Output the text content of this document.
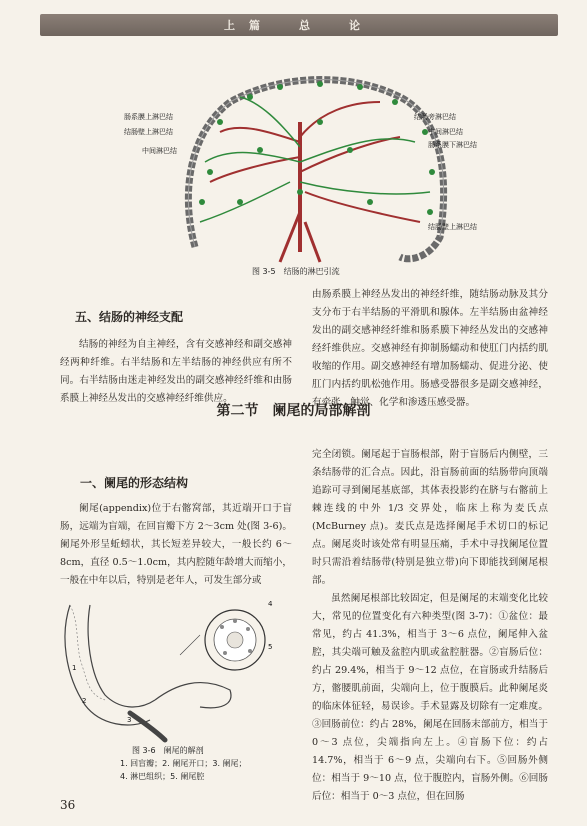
上篇　总　论
肠系膜上淋巴结
结肠壁上淋巴结
中间淋巴结
结肠旁淋巴结
中间淋巴结
肠系膜下淋巴结
结肠壁上淋巴结
图 3-5　结肠的淋巴引流
五、结肠的神经支配

结肠的神经为自主神经，含有交感神经和副交感神经两种纤维。右半结肠和左半结肠的神经供应有所不同。右半结肠由迷走神经发出的副交感神经纤维和由肠系膜上神经丛发出的交感神经纤维供应。

由肠系膜上神经丛发出的神经纤维，随结肠动脉及其分支分布于右半结肠的平滑肌和腺体。左半结肠由盆神经发出的副交感神经纤维和肠系膜下神经丛发出的交感神经纤维供应。交感神经有抑制肠蠕动和使肛门内括约肌收缩的作用。副交感神经有增加肠蠕动、促进分泌、使肛门内括约肌松弛作用。肠感受器很多是副交感神经，有牵张、触觉、化学和渗透压感受器。

第二节　阑尾的局部解剖
一、阑尾的形态结构

阑尾(appendix)位于右髂窝部，其近端开口于盲肠，远端为盲端，在回盲瓣下方 2～3cm 处(图 3-6)。阑尾外形呈蚯蚓状，其长短差异较大，一般长约 6～8cm，直径 0.5～1.0cm，其内腔随年龄增大而缩小，一般在中年以后，特别是老年人，可发生部分或

完全闭锁。阑尾起于盲肠根部，附于盲肠后内侧壁，三条结肠带的汇合点。因此，沿盲肠前面的结肠带向顶端追踪可寻到阑尾基底部，其体表投影约在脐与右髂前上棘连线的中外 1/3 交界处，临床上称为麦氏点(McBurney 点)。麦氏点是选择阑尾手术切口的标记点。阑尾炎时该处常有明显压痛，手术中寻找阑尾位置时只需沿着结肠带(特别是独立带)向下即能找到阑尾根部。

虽然阑尾根部比较固定，但是阑尾的末端变化比较大，常见的位置变化有六种类型(图 3-7)：①盆位：最常见，约占 41.3%，相当于 3～6 点位，阑尾伸入盆腔，其尖端可触及盆腔内肌或盆腔脏器。②盲肠后位：约占 29.4%，相当于 9～12 点位，在盲肠或升结肠后方，髂腰肌前面，尖端向上，位于腹膜后。此种阑尾炎的临床体征轻，易误诊。手术显露及切除有一定难度。③回肠前位：约占 28%，阑尾在回肠末部前方，相当于 0～3 点位，尖端指向左上。④盲肠下位：约占 14.7%，相当于 6～9 点，尖端向右下。⑤回肠外侧位：相当于 9～10 点，位于腹腔内，盲肠外侧。⑥回肠后位：相当于 0～3 点位，但在回肠

1
2
3
4
5
图 3-6　阑尾的解剖
1. 回盲瓣；2. 阑尾开口；3. 阑尾；
4. 淋巴组织；5. 阑尾腔
36
